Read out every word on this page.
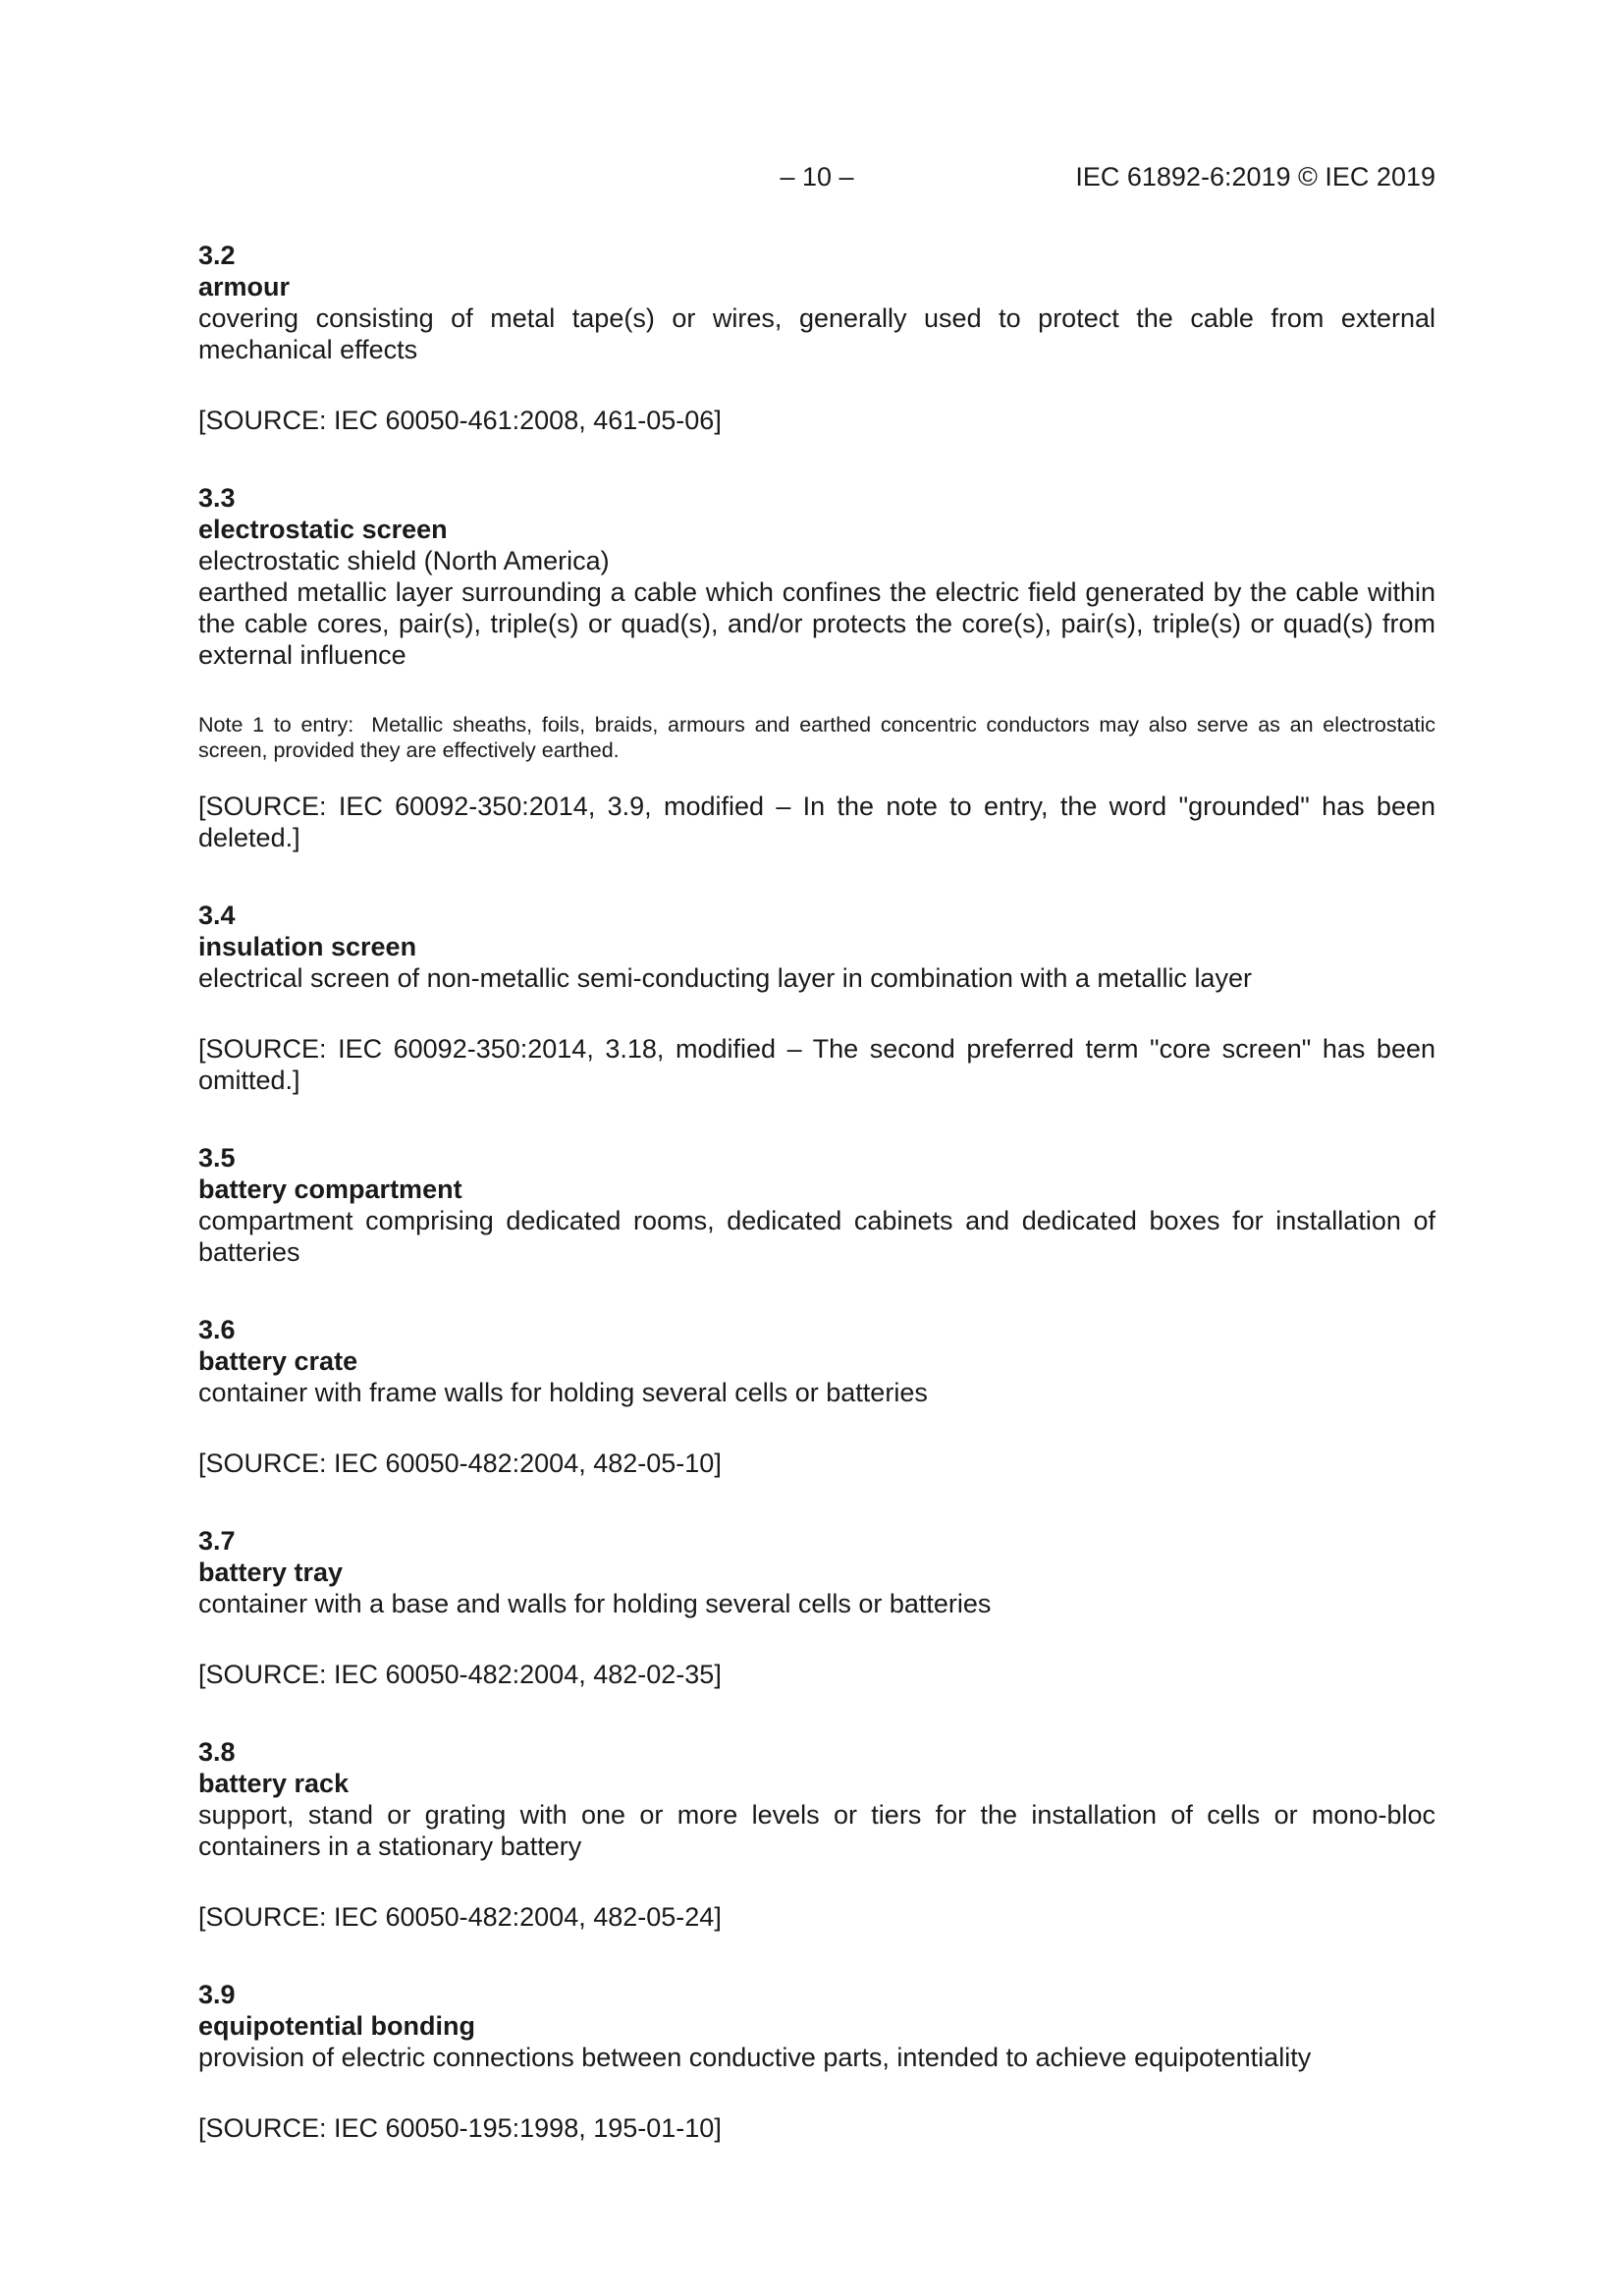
– 10 –	IEC 61892-6:2019 © IEC 2019

3.2

armour

covering consisting of metal tape(s) or wires, generally used to protect the cable from external mechanical effects

[SOURCE: IEC 60050-461:2008, 461-05-06]

3.3

electrostatic screen

electrostatic shield (North America)

earthed metallic layer surrounding a cable which confines the electric field generated by the cable within the cable cores, pair(s), triple(s) or quad(s), and/or protects the core(s), pair(s), triple(s) or quad(s) from external influence

Note 1 to entry: Metallic sheaths, foils, braids, armours and earthed concentric conductors may also serve as an electrostatic screen, provided they are effectively earthed.

[SOURCE: IEC 60092-350:2014, 3.9, modified – In the note to entry, the word "grounded" has been deleted.]

3.4

insulation screen

electrical screen of non-metallic semi-conducting layer in combination with a metallic layer

[SOURCE: IEC 60092-350:2014, 3.18, modified – The second preferred term "core screen" has been omitted.]

3.5

battery compartment

compartment comprising dedicated rooms, dedicated cabinets and dedicated boxes for installation of batteries

3.6

battery crate

container with frame walls for holding several cells or batteries

[SOURCE: IEC 60050-482:2004, 482-05-10]

3.7

battery tray

container with a base and walls for holding several cells or batteries

[SOURCE: IEC 60050-482:2004, 482-02-35]

3.8

battery rack

support, stand or grating with one or more levels or tiers for the installation of cells or mono-bloc containers in a stationary battery

[SOURCE: IEC 60050-482:2004, 482-05-24]

3.9

equipotential bonding

provision of electric connections between conductive parts, intended to achieve equipotentiality

[SOURCE: IEC 60050-195:1998, 195-01-10]
